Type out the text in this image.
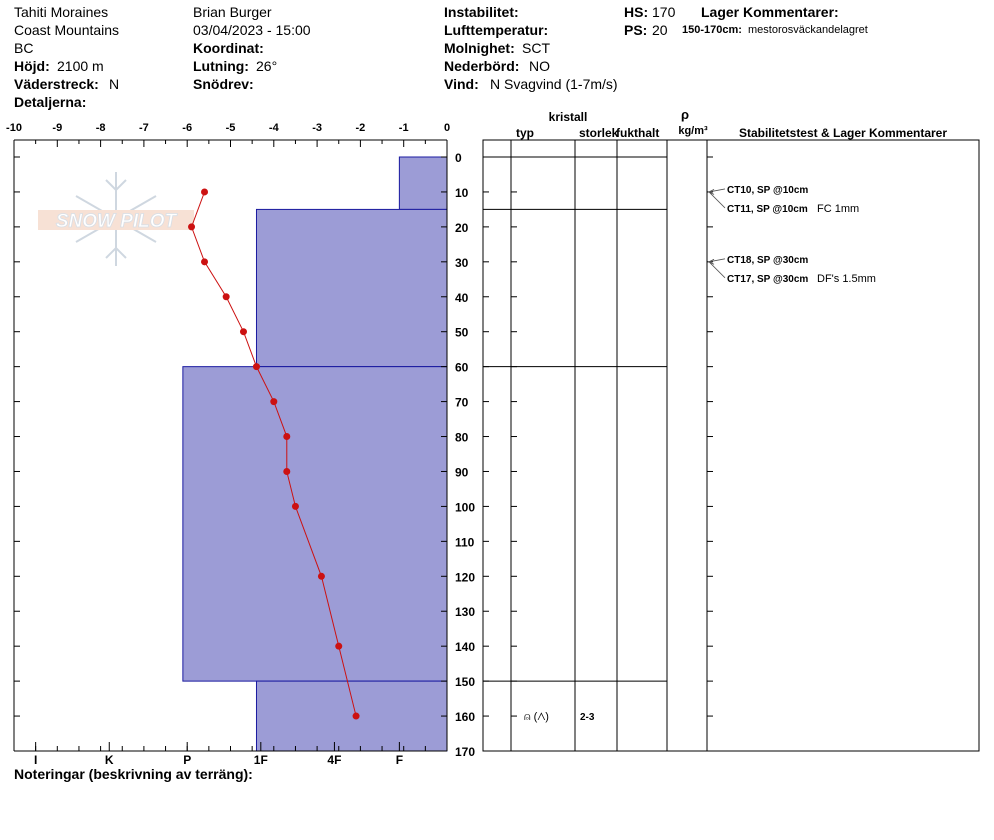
Tahiti Moraines
Coast Mountains
BC
Höjd: 2100 m
Väderstreck: N
Detaljerna:
Brian Burger
03/04/2023 - 15:00
Koordinat:
Lutning: 26°
Snödrev:
Instabilitet:
Lufttemperatur:
Molnighet: SCT
Nederbörd: NO
Vind: N Svagvind (1-7m/s)
HS: 170
PS: 20
Lager Kommentarer:
150-170cm: mestorosväckandelagret
SNOW PILOT
-10	-9	-8	-7	-6	-5	-4	-3	-2	-1	0
0
10
20
30
40
50
60
70
80
90
100
110
120
130
140
150
160
170
I	K	P	1F	4F	F
CT10, SP @10cm
CT11, SP @10cm FC 1mm
CT18, SP @30cm
CT17, SP @30cm DF's 1.5mm
⍝ (⋀)	2-3
kristall
typ	storlek
fukthalt
ρ
kg/m³	Stabilitetstest & Lager Kommentarer
Noteringar (beskrivning av terräng):
